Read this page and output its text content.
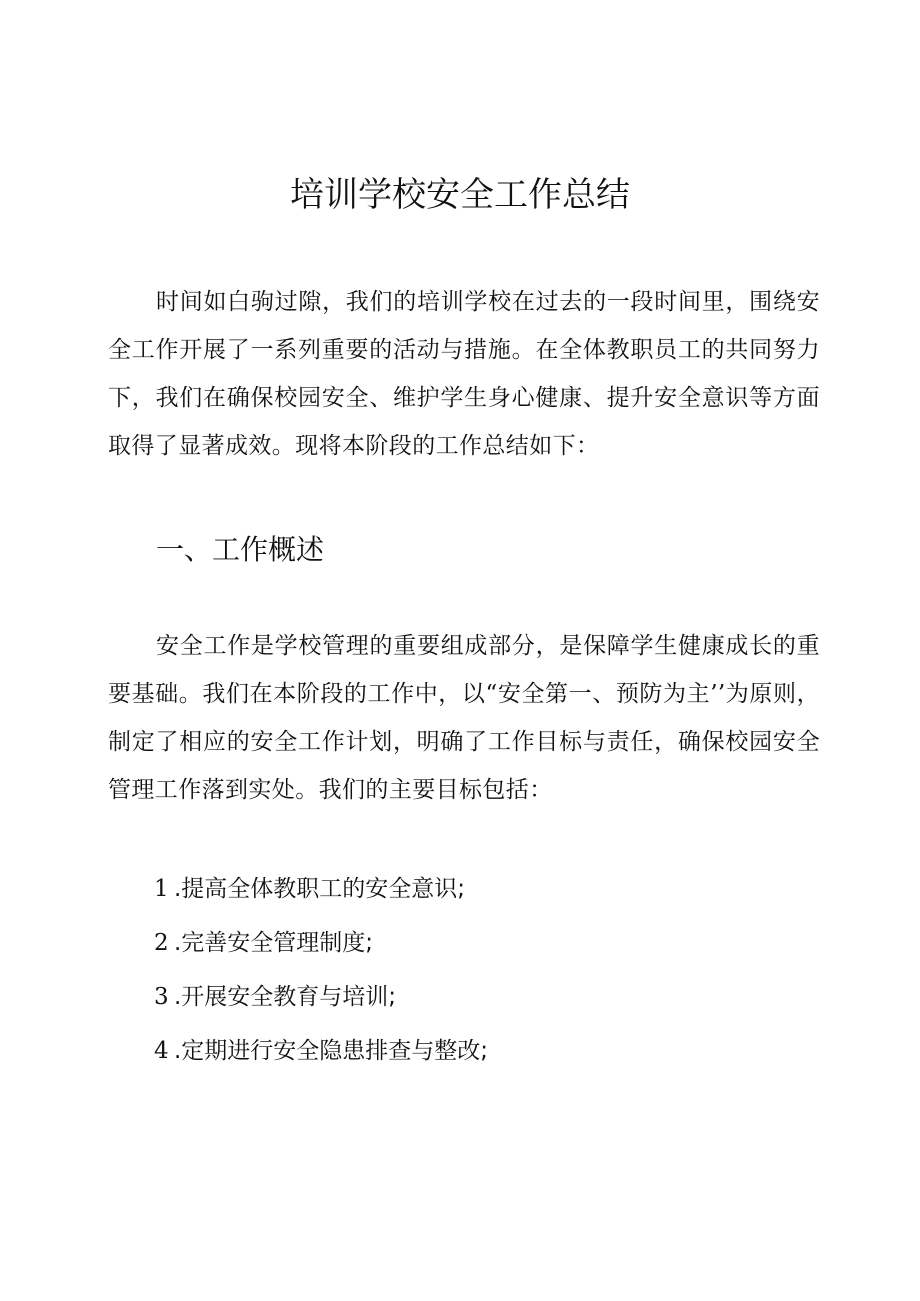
培训学校安全工作总结

时间如白驹过隙，我们的培训学校在过去的一段时间里，围绕安全工作开展了一系列重要的活动与措施。在全体教职员工的共同努力下，我们在确保校园安全、维护学生身心健康、提升安全意识等方面取得了显著成效。现将本阶段的工作总结如下：

一、工作概述

安全工作是学校管理的重要组成部分，是保障学生健康成长的重要基础。我们在本阶段的工作中，以“安全第一、预防为主’’为原则，制定了相应的安全工作计划，明确了工作目标与责任，确保校园安全管理工作落到实处。我们的主要目标包括：

1 .提高全体教职工的安全意识;
2 .完善安全管理制度;
3 .开展安全教育与培训;
4 .定期进行安全隐患排查与整改;
